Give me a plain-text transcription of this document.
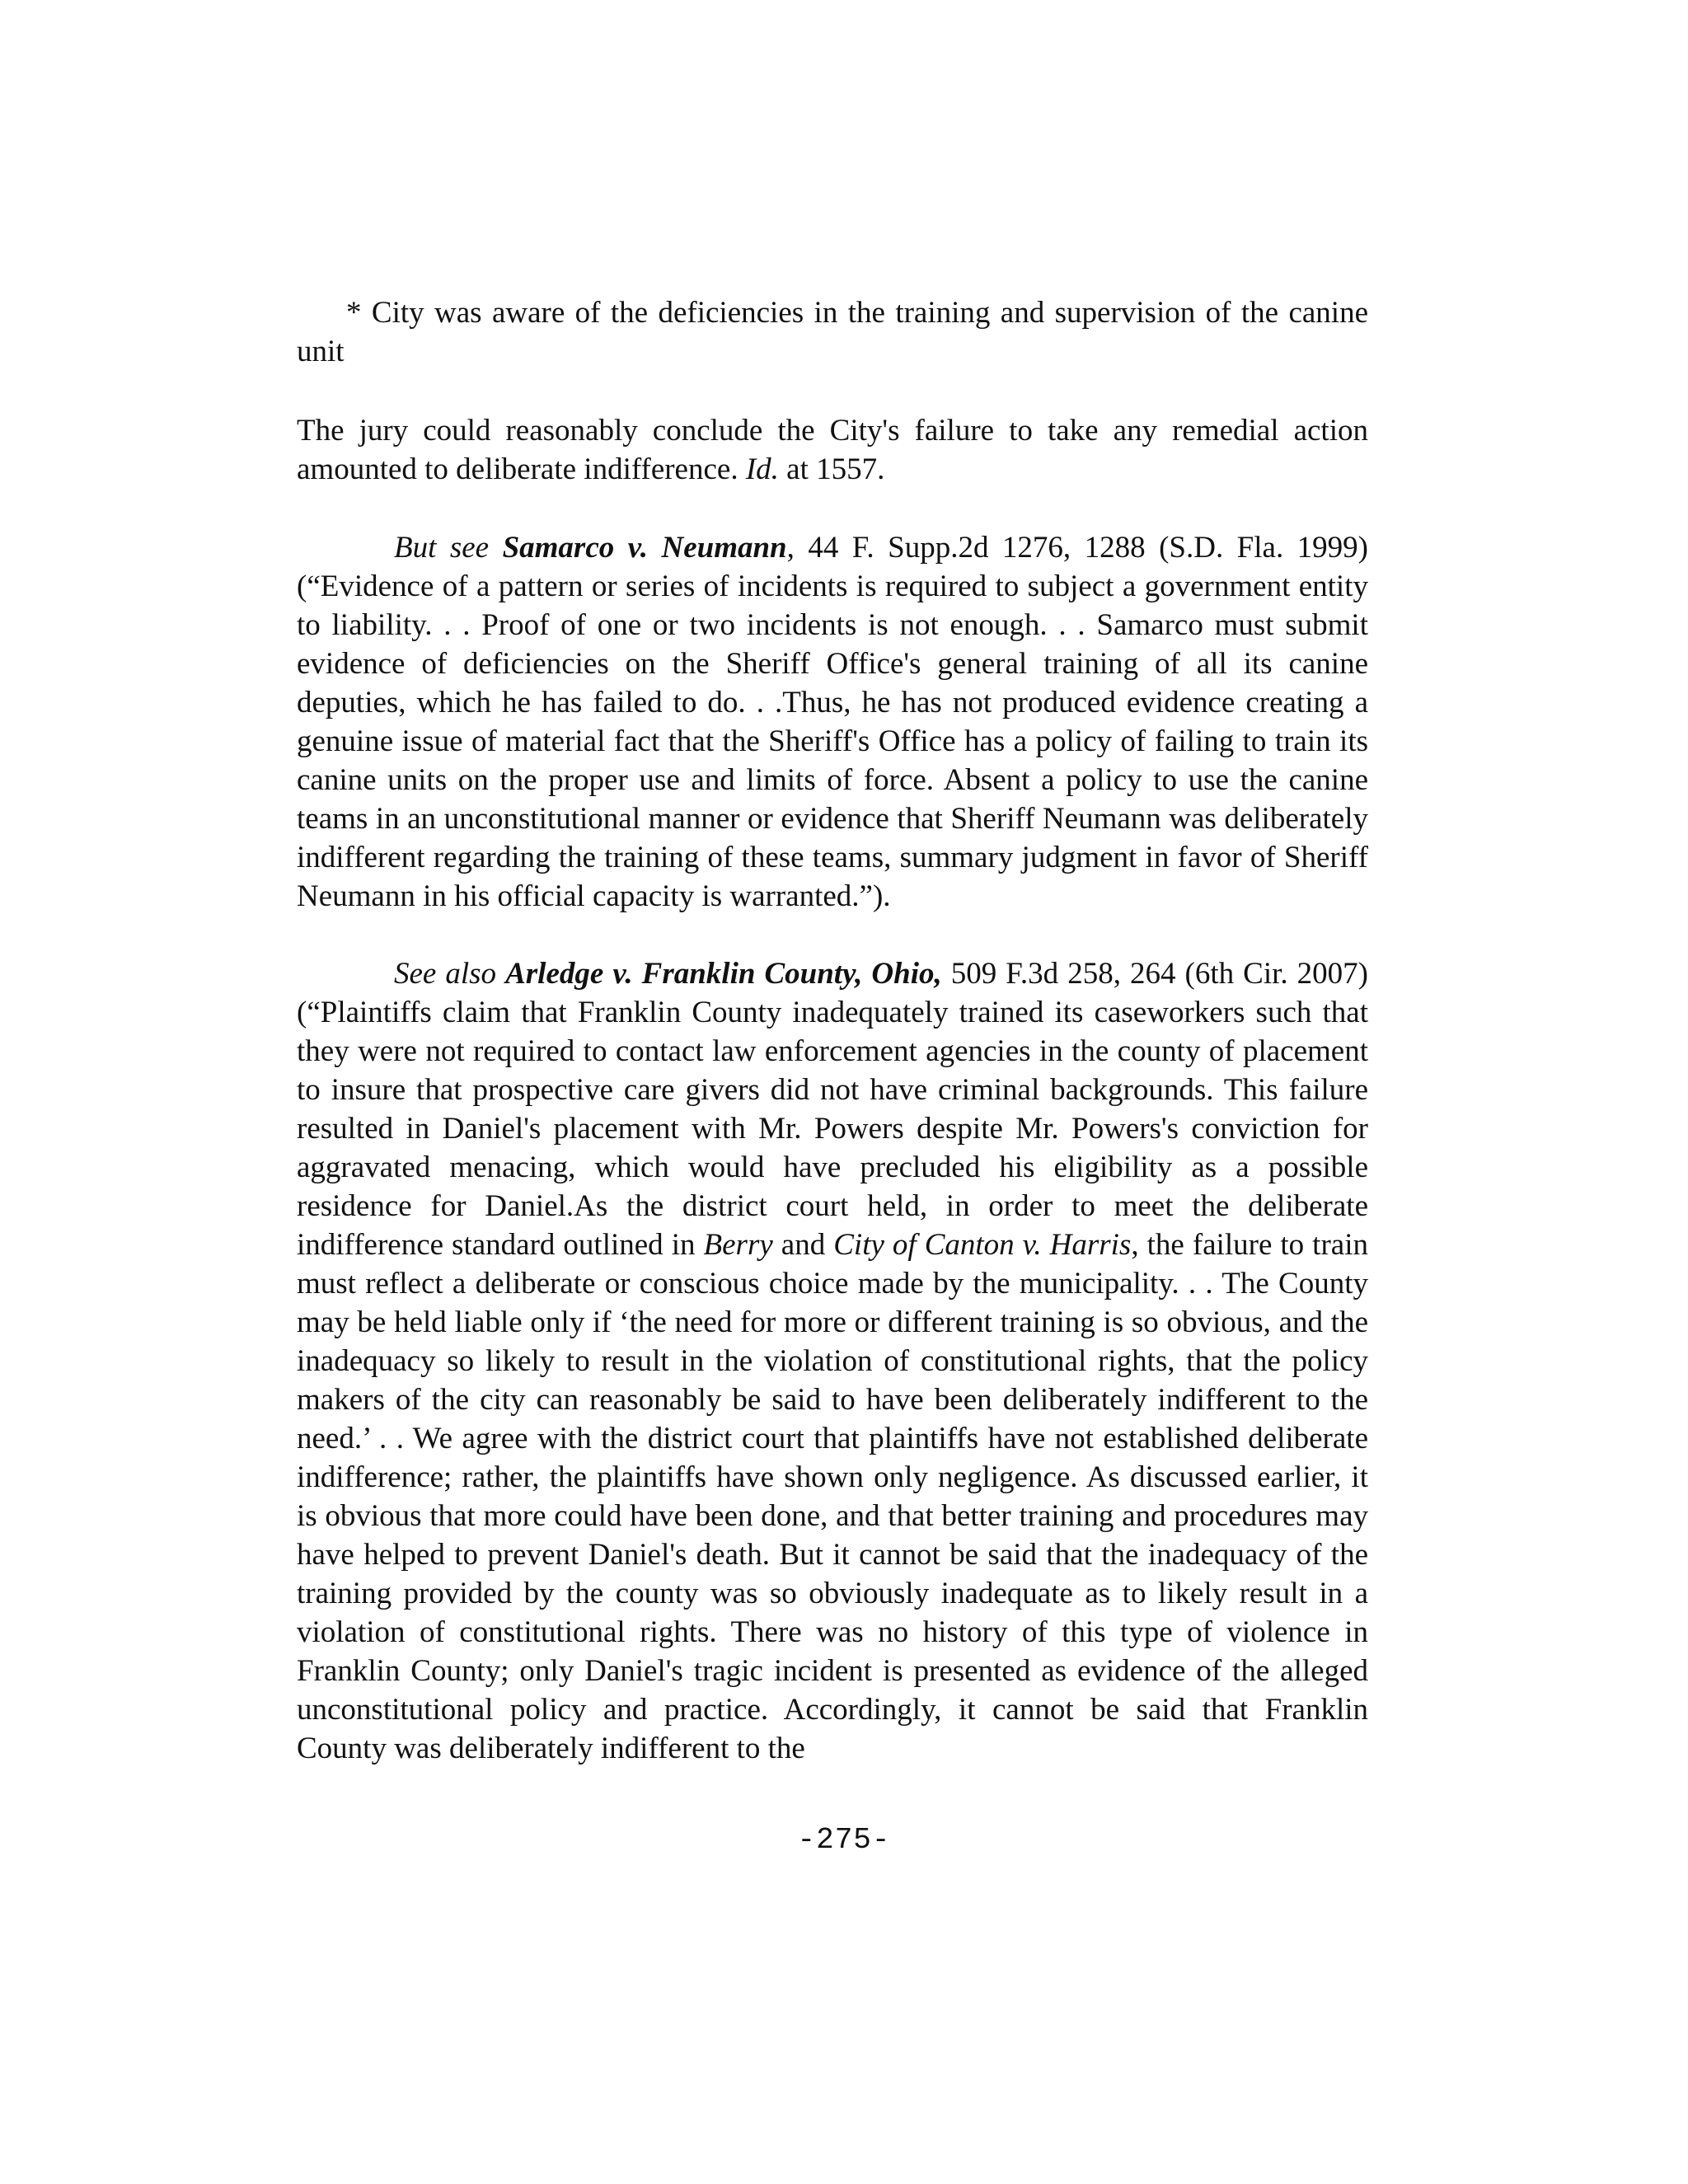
* City was aware of the deficiencies in the training and supervision of the canine unit

The jury could reasonably conclude the City's failure to take any remedial action amounted to deliberate indifference. Id. at 1557.

But see Samarco v. Neumann, 44 F. Supp.2d 1276, 1288 (S.D. Fla. 1999) (“Evidence of a pattern or series of incidents is required to subject a government entity to liability. . . Proof of one or two incidents is not enough. . . Samarco must submit evidence of deficiencies on the Sheriff Office's general training of all its canine deputies, which he has failed to do. . .Thus, he has not produced evidence creating a genuine issue of material fact that the Sheriff's Office has a policy of failing to train its canine units on the proper use and limits of force. Absent a policy to use the canine teams in an unconstitutional manner or evidence that Sheriff Neumann was deliberately indifferent regarding the training of these teams, summary judgment in favor of Sheriff Neumann in his official capacity is warranted.”).

See also Arledge v. Franklin County, Ohio, 509 F.3d 258, 264 (6th Cir. 2007) (“Plaintiffs claim that Franklin County inadequately trained its caseworkers such that they were not required to contact law enforcement agencies in the county of placement to insure that prospective care givers did not have criminal backgrounds. This failure resulted in Daniel's placement with Mr. Powers despite Mr. Powers's conviction for aggravated menacing, which would have precluded his eligibility as a possible residence for Daniel.As the district court held, in order to meet the deliberate indifference standard outlined in Berry and City of Canton v. Harris, the failure to train must reflect a deliberate or conscious choice made by the municipality. . . The County may be held liable only if ‘the need for more or different training is so obvious, and the inadequacy so likely to result in the violation of constitutional rights, that the policy makers of the city can reasonably be said to have been deliberately indifferent to the need.’ . . We agree with the district court that plaintiffs have not established deliberate indifference; rather, the plaintiffs have shown only negligence. As discussed earlier, it is obvious that more could have been done, and that better training and procedures may have helped to prevent Daniel's death. But it cannot be said that the inadequacy of the training provided by the county was so obviously inadequate as to likely result in a violation of constitutional rights. There was no history of this type of violence in Franklin County; only Daniel's tragic incident is presented as evidence of the alleged unconstitutional policy and practice. Accordingly, it cannot be said that Franklin County was deliberately indifferent to the

-275-
